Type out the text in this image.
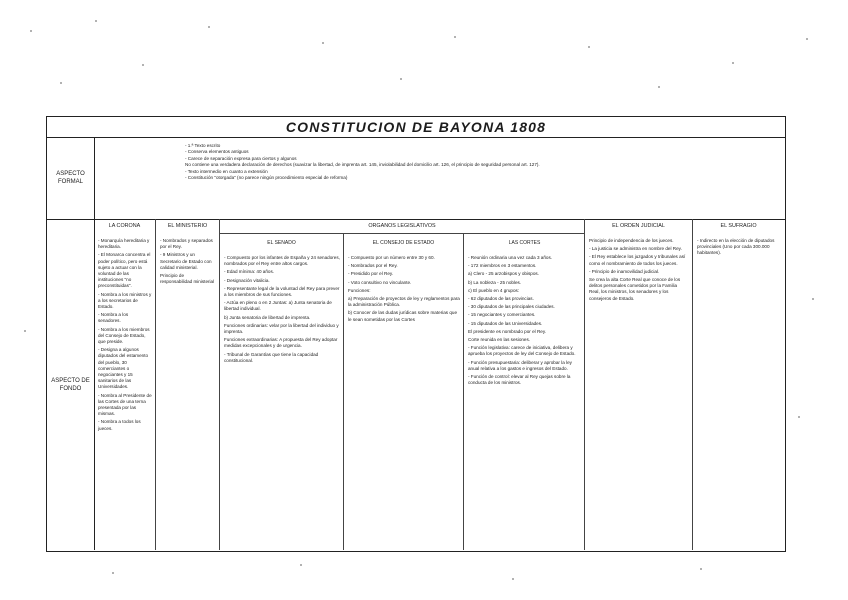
CONSTITUCION DE BAYONA 1808
ASPECTO FORMAL
- 1.ª Texto escrito
- Conserva elementos antiguos
- Carece de separación expresa para ciertos y algunos
No contiene una verdadera declaración de derechos (suavizar la libertad, de imprenta art. 145, inviolabilidad del domicilio art. 126, el principio de seguridad personal art. 127).
- Texto intermedio en cuanto a extensión
- Constitución "otorgada" (no parece ningún procedimiento especial de reforma)
ASPECTO DE FONDO
LA CORONA

- Monarquía hereditaria y hereditaria.

- El Monarca concentra el poder político, pero está sujeto a actuar con la voluntad de las instituciones "no preconstituidas".

- Nombra a los ministros y a los secretarios de Estado.

- Nombra a los senadores.

- Nombra a los miembros del Consejo de Estado, que preside.

- Designa a algunos diputados del estamento del pueblo, 30 comerciantes o negociantes y 15 sanitarios de las Universidades.

- Nombra al Presidente de las Cortes de una terna presentada por las mismas.

- Nombra a todos los jueces.

EL MINISTERIO

- Nombrados y separados por el Rey.

- 9 Ministros y un Secretario de Estado con calidad ministerial.

Principio de responsabilidad ministerial

ORGANOS LEGISLATIVOS
EL SENADO

- Compuesto por los infantes de España y 24 senadores, nombrados por el Rey entre altos cargos.

- Edad mínima: 40 años.

- Designación vitalicia.

- Representante legal de la voluntad del Rey para prever a los miembros de sus funciones.

- Actúa en pleno o en 2 Juntas: a) Junta senatoria de libertad individual.

b) Junta senatoria de libertad de imprenta.

Funciones ordinarias: velar por la libertad del individuo y imprenta.

Funciones extraordinarias: A propuesta del Rey adoptar medidas excepcionales y de urgencia.

- Tribunal de Garantías que tiene la capacidad constitucional.

EL CONSEJO DE ESTADO

- Compuesto por un número entre 30 y 60.

- Nombrados por el Rey.

- Presidido por el Rey.

- Voto consultivo no vinculante.

Funciones:

a) Preparación de proyectos de ley y reglamentos para la administración Pública.

b) Conocer de las dudas jurídicas sobre materias que le sean sometidas por las Cortes

LAS CORTES

- Reunión ordinaria una vez cada 3 años.

- 172 miembros en 3 estamentos.

a) Clero - 25 arzobispos y obispos.

b) La nobleza - 25 nobles.

c) El pueblo en 4 grupos:

- 62 diputados de las provincias.

- 30 diputados de las principales ciudades.

- 15 negociantes y comerciantes.

- 15 diputados de las Universidades.

El presidente es nombrado por el Rey.

Corte reunida en las sesiones.

- Función legislativa: carece de iniciativa, delibera y aprueba los proyectos de ley del Consejo de Estado.

- Función presupuestaria: deliberar y aprobar la ley anual relativa a los gastos e ingresos del Estado.

- Función de control: elevar al Rey quejas sobre la conducta de los ministros.

EL ORDEN JUDICIAL

Principio de independencia de los jueces.

- La justicia se administra en nombre del Rey.

- El Rey establece los juzgados y tribunales así como el nombramiento de todos los jueces.

- Principio de inamovilidad judicial.

Se crea la alta Corte Real que conoce de los delitos personales cometidos por la Familia Real, los ministros, los senadores y los consejeros de Estado.

EL SUFRAGIO

- Indirecto en la elección de diputados provinciales (Uno por cada 300.000 habitantes).
